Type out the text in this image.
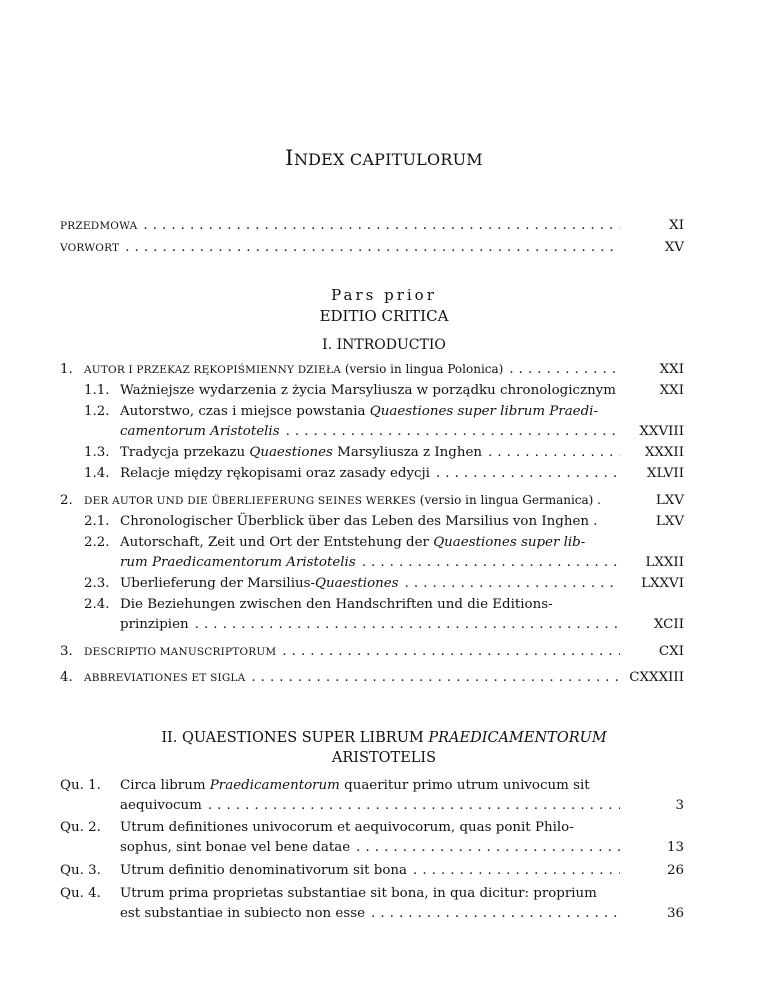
INDEX CAPITULORUM
PRZEDMOWA . . .	XI
VORWORT . . .	XV
Pars prior
EDITIO CRITICA
I. INTRODUCTIO
1. AUTOR I PRZEKAZ RĘKOPIŚMIENNY DZIEŁA (versio in lingua Polonica) . . .	XXI
1.1. Ważniejsze wydarzenia z życia Marsyliusza w porządku chronologicznym	XXI
1.2. Autorstwo, czas i miejsce powstania Quaestiones super librum Praedi-
camentorum Aristotelis . . .	XXVIII
1.3. Tradycja przekazu Quaestiones Marsyliusza z Inghen . . .	XXXII
1.4. Relacje między rękopisami oraz zasady edycji . . .	XLVII
2. DER AUTOR UND DIE ÜBERLIEFERUNG SEINES WERKES (versio in lingua Germanica) .	LXV
2.1. Chronologischer Überblick über das Leben des Marsilius von Inghen .	LXV
2.2. Autorschaft, Zeit und Ort der Entstehung der Quaestiones super lib-
rum Praedicamentorum Aristotelis . . .	LXXII
2.3. Überlieferung der Marsilius-Quaestiones . . .	LXXVI
2.4. Die Beziehungen zwischen den Handschriften und die Editions-
prinzipien . . .	XCII
3. DESCRIPTIO MANUSCRIPTORUM . . .	CXI
4. ABBREVIATIONES ET SIGLA . . .	CXXXIII
II. QUAESTIONES SUPER LIBRUM PRAEDICAMENTORUM
ARISTOTELIS
Qu. 1. Circa librum Praedicamentorum quaeritur primo utrum univocum sit
aequivocum . . .	3
Qu. 2. Utrum definitiones univocorum et aequivocorum, quas ponit Philo-
sophus, sint bonae vel bene datae . . .	13
Qu. 3. Utrum definitio denominativorum sit bona . . .	26
Qu. 4. Utrum prima proprietas substantiae sit bona, in qua dicitur: proprium
est substantiae in subiecto non esse . . .	36
